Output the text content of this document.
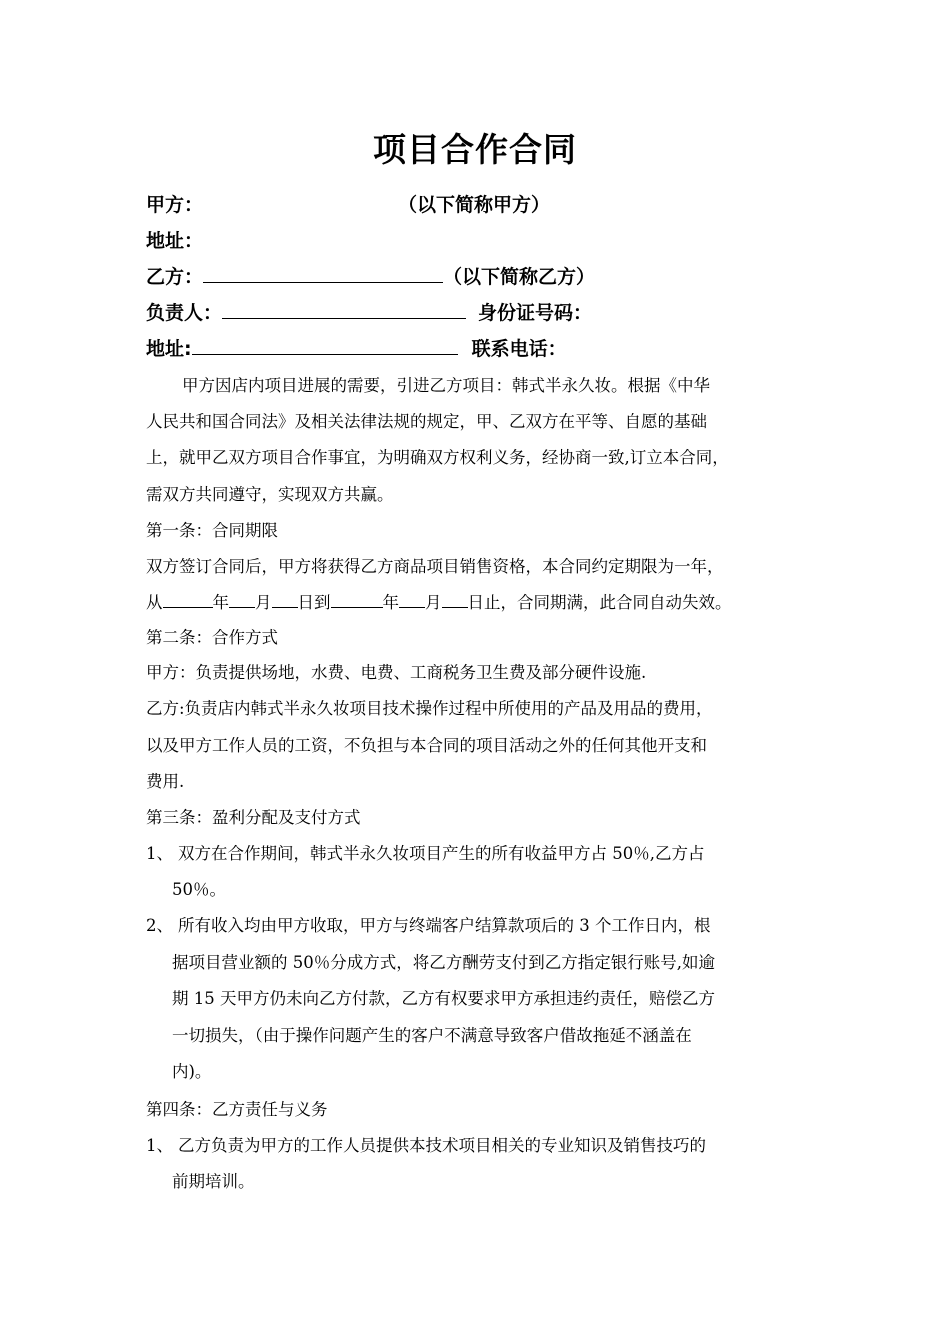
项目合作合同
甲方：	（以下简称甲方）
地址：
乙方：	（以下简称乙方）
负责人：	身份证号码：
地址:	联系电话：
甲方因店内项目进展的需要，引进乙方项目：韩式半永久妆。根据《中华
人民共和国合同法》及相关法律法规的规定，甲、乙双方在平等、自愿的基础
上，就甲乙双方项目合作事宜，为明确双方权利义务，经协商一致,订立本合同，
需双方共同遵守，实现双方共赢。
第一条：合同期限
双方签订合同后，甲方将获得乙方商品项目销售资格，本合同约定期限为一年，
从	年 月 日到	年 月 日止，合同期满，此合同自动失效。
第二条：合作方式
甲方：负责提供场地，水费、电费、工商税务卫生费及部分硬件设施.
乙方:负责店内韩式半永久妆项目技术操作过程中所使用的产品及用品的费用，
以及甲方工作人员的工资，不负担与本合同的项目活动之外的任何其他开支和
费用.
第三条：盈利分配及支付方式
1、 双方在合作期间，韩式半永久妆项目产生的所有收益甲方占 50％,乙方占
50％。
2、 所有收入均由甲方收取，甲方与终端客户结算款项后的 3 个工作日内，根
据项目营业额的 50％分成方式，将乙方酬劳支付到乙方指定银行账号,如逾
期 15 天甲方仍未向乙方付款，乙方有权要求甲方承担违约责任，赔偿乙方
一切损失，（由于操作问题产生的客户不满意导致客户借故拖延不涵盖在
内)。
第四条：乙方责任与义务
1、 乙方负责为甲方的工作人员提供本技术项目相关的专业知识及销售技巧的
前期培训。
